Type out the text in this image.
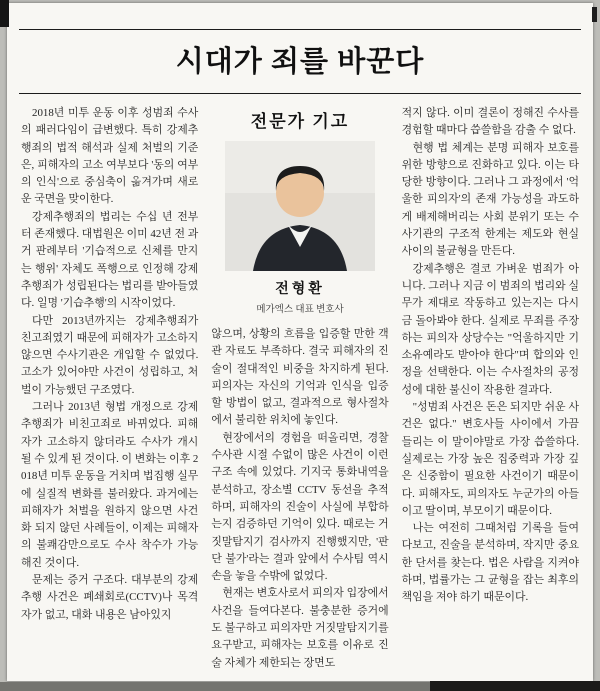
시대가 죄를 바꾼다

2018년 미투 운동 이후 성범죄 수사의 패러다임이 급변했다. 특히 강제추행죄의 법적 해석과 실제 처벌의 기준은, 피해자의 고소 여부보다 '동의 여부의 인식'으로 중심축이 옮겨가며 새로운 국면을 맞이한다.

강제추행죄의 법리는 수십 년 전부터 존재했다. 대법원은 이미 42년 전 과거 판례부터 '기습적으로 신체를 만지는 행위' 자체도 폭행으로 인정해 강제추행죄가 성립된다는 법리를 받아들였다. 일명 '기습추행'의 시작이었다.

다만 2013년까지는 강제추행죄가 친고죄였기 때문에 피해자가 고소하지 않으면 수사기관은 개입할 수 없었다. 고소가 있어야만 사건이 성립하고, 처벌이 가능했던 구조였다.

그러나 2013년 형법 개정으로 강제추행죄가 비친고죄로 바뀌었다. 피해자가 고소하지 않더라도 수사가 개시될 수 있게 된 것이다. 이 변화는 이후 2018년 미투 운동을 거치며 법집행 실무에 실질적 변화를 불러왔다. 과거에는 피해자가 처벌을 원하지 않으면 사건화 되지 않던 사례들이, 이제는 피해자의 불쾌감만으로도 수사 착수가 가능해진 것이다.

문제는 증거 구조다. 대부분의 강제추행 사건은 폐쇄회로(CCTV)나 목격자가 없고, 대화 내용은 남아있지

전문가 기고
전형환
메가엑스 대표 변호사

않으며, 상황의 흐름을 입증할 만한 객관 자료도 부족하다. 결국 피해자의 진술이 절대적인 비중을 차지하게 된다. 피의자는 자신의 기억과 인식을 입증할 방법이 없고, 결과적으로 형사절차에서 불리한 위치에 놓인다.

현장에서의 경험을 떠올리면, 경찰 수사관 시절 수없이 많은 사건이 이런 구조 속에 있었다. 기지국 통화내역을 분석하고, 장소별 CCTV 동선을 추적하며, 피해자의 진술이 사실에 부합하는지 검증하던 기억이 있다. 때로는 거짓말탐지기 검사까지 진행했지만, '판단 불가'라는 결과 앞에서 수사팀 역시 손을 놓을 수밖에 없었다.

현재는 변호사로서 피의자 입장에서 사건을 들여다본다. 불충분한 증거에도 불구하고 피의자만 거짓말탐지기를 요구받고, 피해자는 보호를 이유로 진술 자체가 제한되는 장면도

적지 않다. 이미 결론이 정해진 수사를 경험할 때마다 씁쓸함을 감출 수 없다.

현행 법 체계는 분명 피해자 보호를 위한 방향으로 진화하고 있다. 이는 타당한 방향이다. 그러나 그 과정에서 '억울한 피의자'의 존재 가능성을 과도하게 배제해버리는 사회 분위기 또는 수사기관의 구조적 한계는 제도와 현실 사이의 불균형을 만든다.

강제추행은 결코 가벼운 범죄가 아니다. 그러나 지금 이 범죄의 법리와 실무가 제대로 작동하고 있는지는 다시금 돌아봐야 한다. 실제로 무죄를 주장하는 피의자 상당수는 "억울하지만 기소유예라도 받아야 한다"며 합의와 인정을 선택한다. 이는 수사절차의 공정성에 대한 불신이 작용한 결과다.

"성범죄 사건은 돈은 되지만 쉬운 사건은 없다." 변호사들 사이에서 가끔 들리는 이 말이야말로 가장 씁쓸하다. 실제로는 가장 높은 집중력과 가장 깊은 신중함이 필요한 사건이기 때문이다. 피해자도, 피의자도 누군가의 아들이고 딸이며, 부모이기 때문이다.

나는 여전히 그때처럼 기록을 들여다보고, 진술을 분석하며, 작지만 중요한 단서를 찾는다. 법은 사람을 지켜야 하며, 법률가는 그 균형을 잡는 최후의 책임을 져야 하기 때문이다.
